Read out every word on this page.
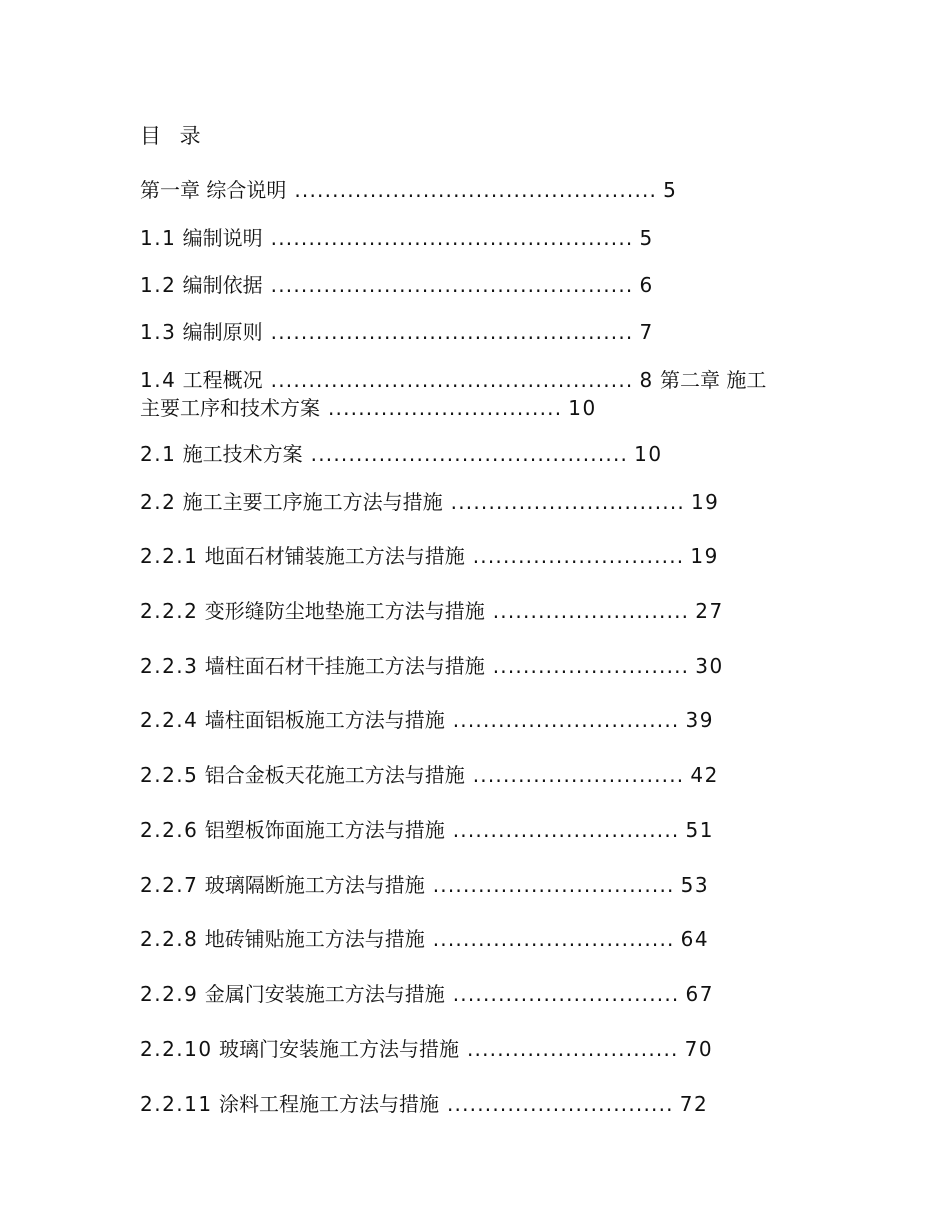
目 录
第一章 综合说明 ................................................ 5
1.1 编制说明 ................................................ 5
1.2 编制依据 ................................................ 6
1.3 编制原则 ................................................ 7
1.4 工程概况 ................................................ 8 第二章 施工
主要工序和技术方案 ............................... 10
2.1 施工技术方案 .......................................... 10
2.2 施工主要工序施工方法与措施 ............................... 19
2.2.1 地面石材铺装施工方法与措施 ............................ 19
2.2.2 变形缝防尘地垫施工方法与措施 .......................... 27
2.2.3 墙柱面石材干挂施工方法与措施 .......................... 30
2.2.4 墙柱面铝板施工方法与措施 .............................. 39
2.2.5 铝合金板天花施工方法与措施 ............................ 42
2.2.6 铝塑板饰面施工方法与措施 .............................. 51
2.2.7 玻璃隔断施工方法与措施 ................................ 53
2.2.8 地砖铺贴施工方法与措施 ................................ 64
2.2.9 金属门安装施工方法与措施 .............................. 67
2.2.10 玻璃门安装施工方法与措施 ............................ 70
2.2.11 涂料工程施工方法与措施 .............................. 72
